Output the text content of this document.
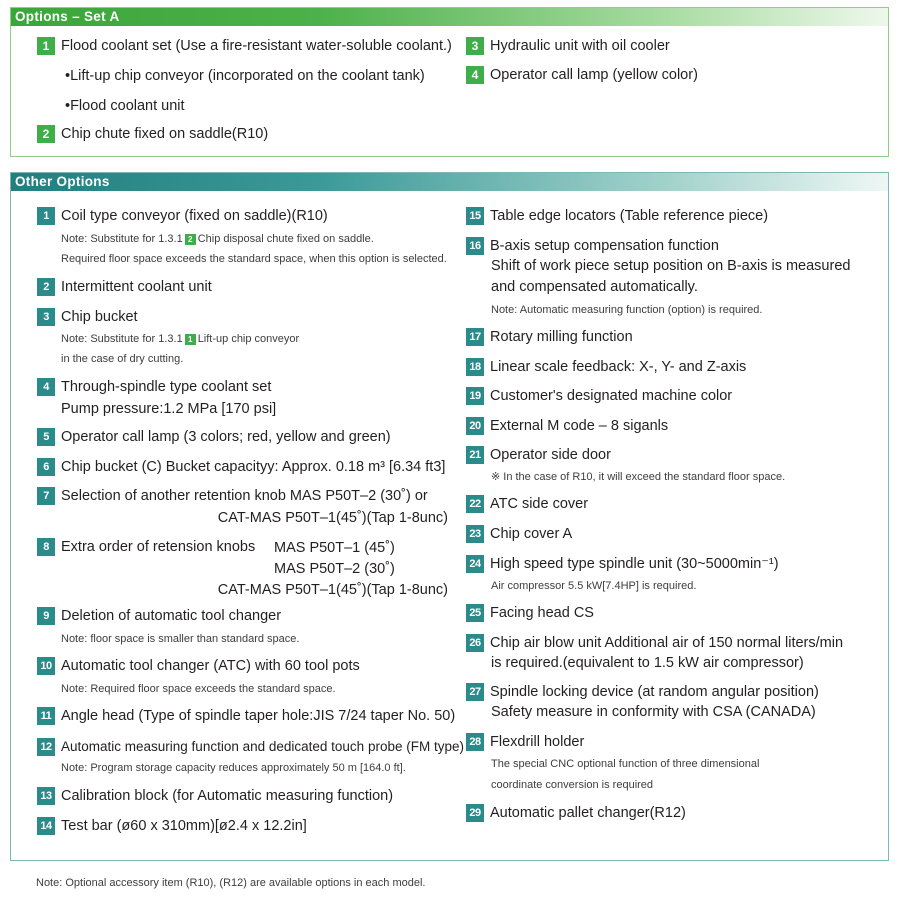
Options – Set A
1 Flood coolant set (Use a fire-resistant water-soluble coolant.)
•Lift-up chip conveyor (incorporated on the coolant tank)
•Flood coolant unit
2 Chip chute fixed on saddle(R10)
3 Hydraulic unit with oil cooler
4 Operator call lamp (yellow color)
Other Options
1 Coil type conveyor (fixed on saddle)(R10)
Note: Substitute for 1.3.1 2 Chip disposal chute fixed on saddle.
Required floor space exceeds the standard space, when this option is selected.
2 Intermittent coolant unit
3 Chip bucket
Note: Substitute for 1.3.1 1 Lift-up chip conveyor
in the case of dry cutting.
4 Through-spindle type coolant set
Pump pressure:1.2 MPa [170 psi]
5 Operator call lamp (3 colors; red, yellow and green)
6 Chip bucket (C) Bucket capacityy: Approx. 0.18 m³ [6.34 ft3]
7 Selection of another retention knob MAS P50T–2 (30˚) or
CAT-MAS P50T–1(45˚)(Tap 1-8unc)
8 Extra order of retension knobs MAS P50T–1 (45˚)
MAS P50T–2 (30˚)
CAT-MAS P50T–1(45˚)(Tap 1-8unc)
9 Deletion of automatic tool changer
Note: floor space is smaller than standard space.
10 Automatic tool changer (ATC) with 60 tool pots
Note: Required floor space exceeds the standard space.
11 Angle head (Type of spindle taper hole:JIS 7/24 taper No. 50)
12 Automatic measuring function and dedicated touch probe (FM type)
Note: Program storage capacity reduces approximately 50 m [164.0 ft].
13 Calibration block (for Automatic measuring function)
14 Test bar (ø60 x 310mm)[ø2.4 x 12.2in]
15 Table edge locators (Table reference piece)
16 B-axis setup compensation function
Shift of work piece setup position on B-axis is measured
and compensated automatically.
Note: Automatic measuring function (option) is required.
17 Rotary milling function
18 Linear scale feedback: X-, Y- and Z-axis
19 Customer's designated machine color
20 External M code – 8 siganls
21 Operator side door
※ In the case of R10, it will exceed the standard floor space.
22 ATC side cover
23 Chip cover A
24 High speed type spindle unit (30~5000min⁻¹)
Air compressor 5.5 kW[7.4HP] is required.
25 Facing head CS
26 Chip air blow unit Additional air of 150 normal liters/min
is required.(equivalent to 1.5 kW air compressor)
27 Spindle locking device (at random angular position)
Safety measure in conformity with CSA (CANADA)
28 Flexdrill holder
The special CNC optional function of three dimensional
coordinate conversion is required
29 Automatic pallet changer(R12)
Note: Optional accessory item (R10), (R12) are available options in each model.
